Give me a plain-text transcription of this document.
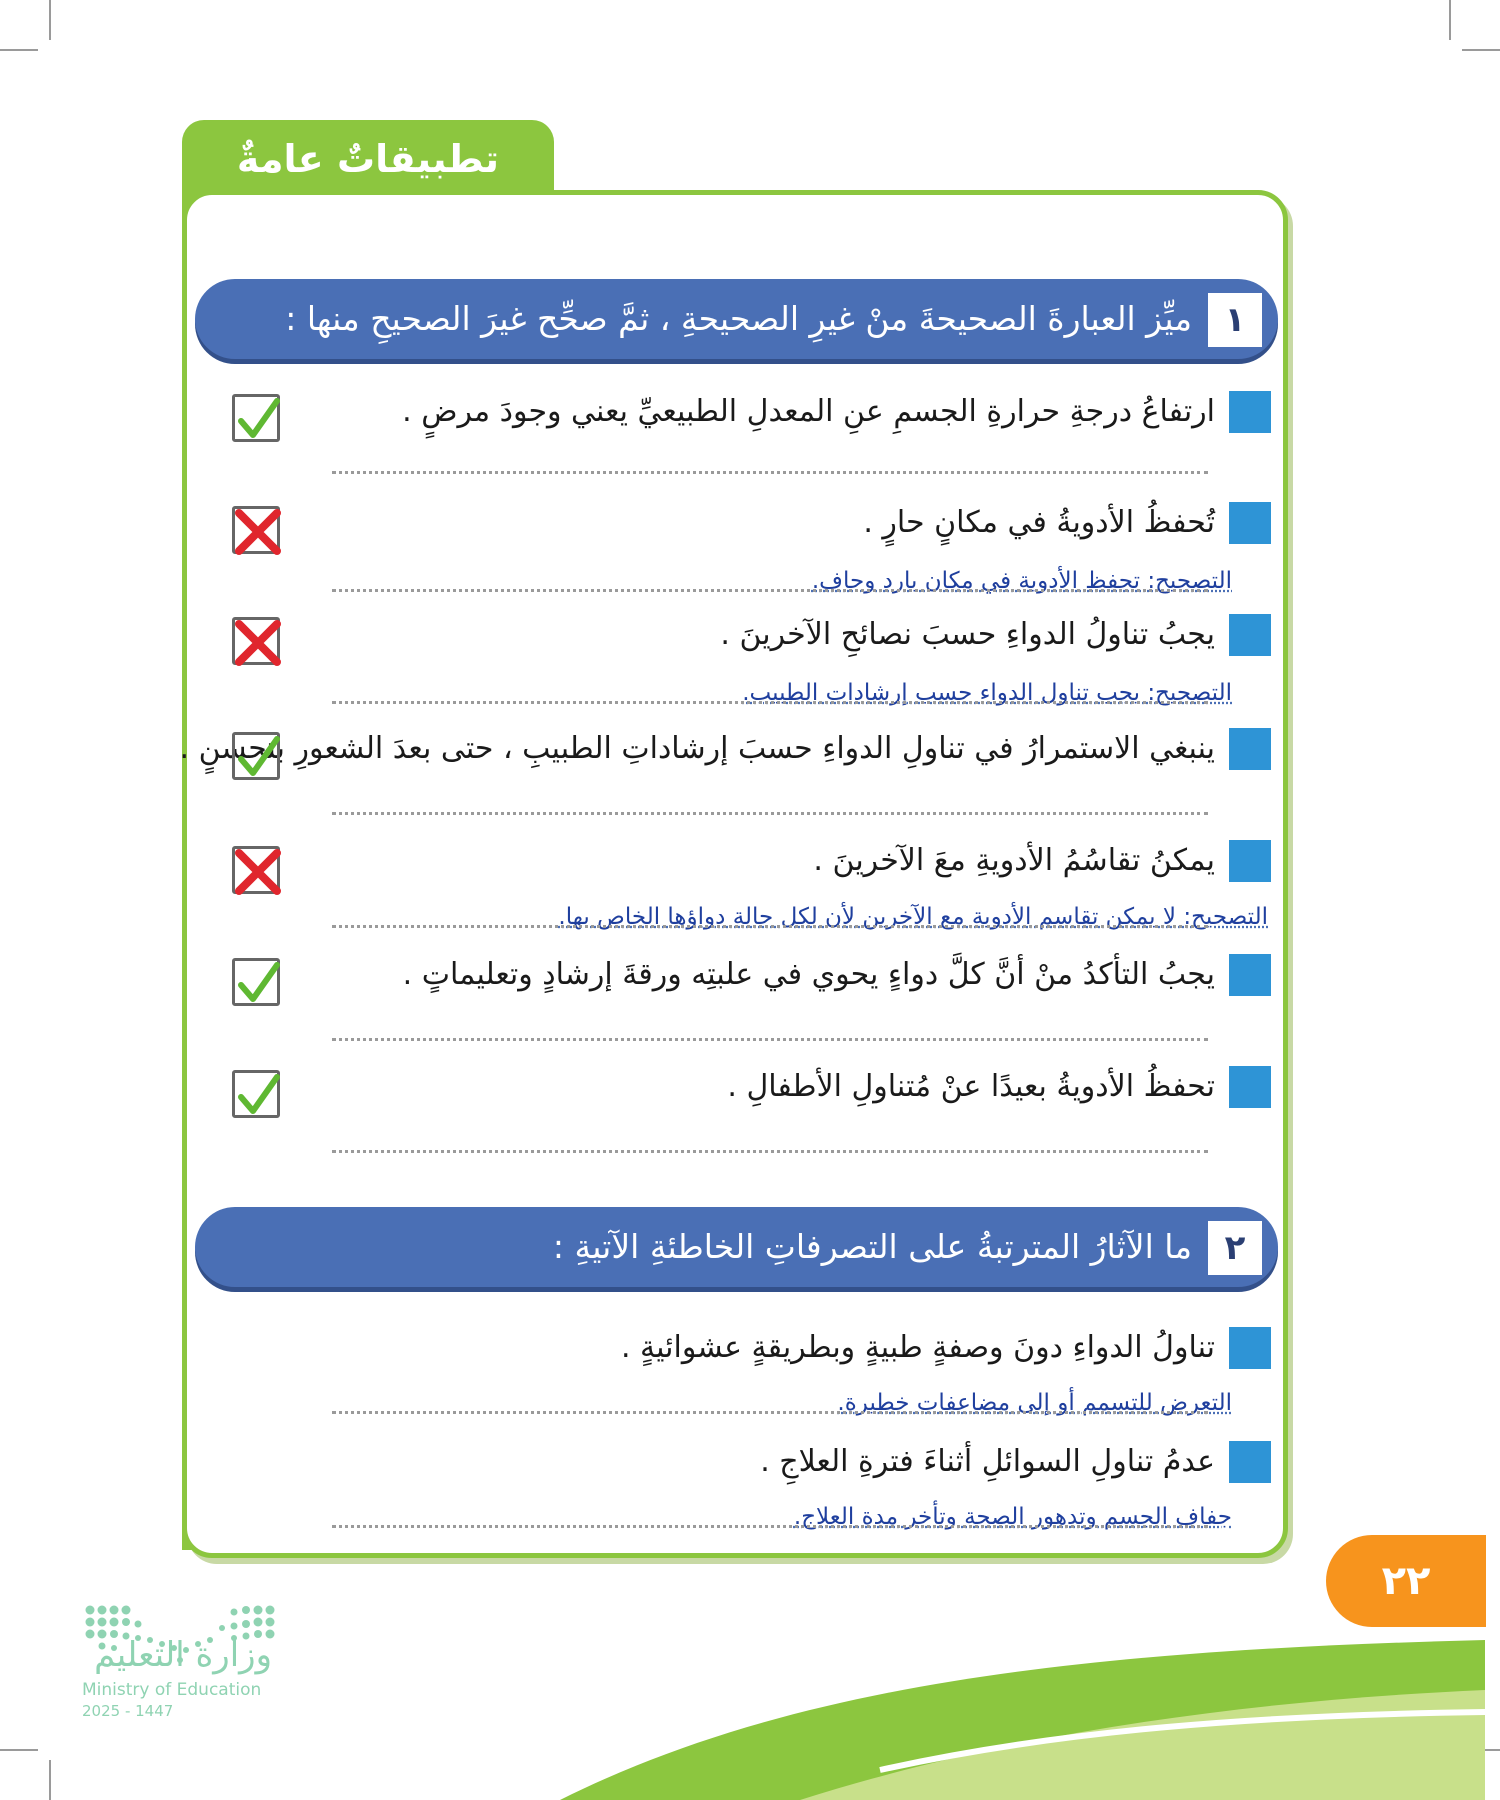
تطبيقاتٌ عامةٌ
١
ميِّز العبارةَ الصحيحةَ منْ غيرِ الصحيحةِ ، ثمَّ صحِّح غيرَ الصحيحِ منها :
ارتفاعُ درجةِ حرارةِ الجسمِ عنِ المعدلِ الطبيعيِّ يعني وجودَ مرضٍ .
تُحفظُ الأدويةُ في مكانٍ حارٍ .
التصحيح: تحفظ الأدوية في مكان بارد وجاف.
يجبُ تناولُ الدواءِ حسبَ نصائحِ الآخرينَ .
التصحيح: يجب تناول الدواء حسب إرشادات الطبيب.
ينبغي الاستمرارُ في تناولِ الدواءِ حسبَ إرشاداتِ الطبيبِ ، حتى بعدَ الشعورِ بتحسنٍ .
يمكنُ تقاسُمُ الأدويةِ معَ الآخرينَ .
التصحيح: لا يمكن تقاسم الأدوية مع الآخرين لأن لكل حالة دواؤها الخاص بها.
يجبُ التأكدُ منْ أنَّ كلَّ دواءٍ يحوي في علبتِه ورقةَ إرشادٍ وتعليماتٍ .
تحفظُ الأدويةُ بعيدًا عنْ مُتناولِ الأطفالِ .
٢
ما الآثارُ المترتبةُ على التصرفاتِ الخاطئةِ الآتيةِ :
تناولُ الدواءِ دونَ وصفةٍ طبيةٍ وبطريقةٍ عشوائيةٍ .
التعرض للتسمم أو إلى مضاعفات خطيرة.
عدمُ تناولِ السوائلِ أثناءَ فترةِ العلاجِ .
جفاف الجسم وتدهور الصحة وتأخر مدة العلاج.
٢٢
وزارة التعليم
Ministry of Education
2025 - 1447
